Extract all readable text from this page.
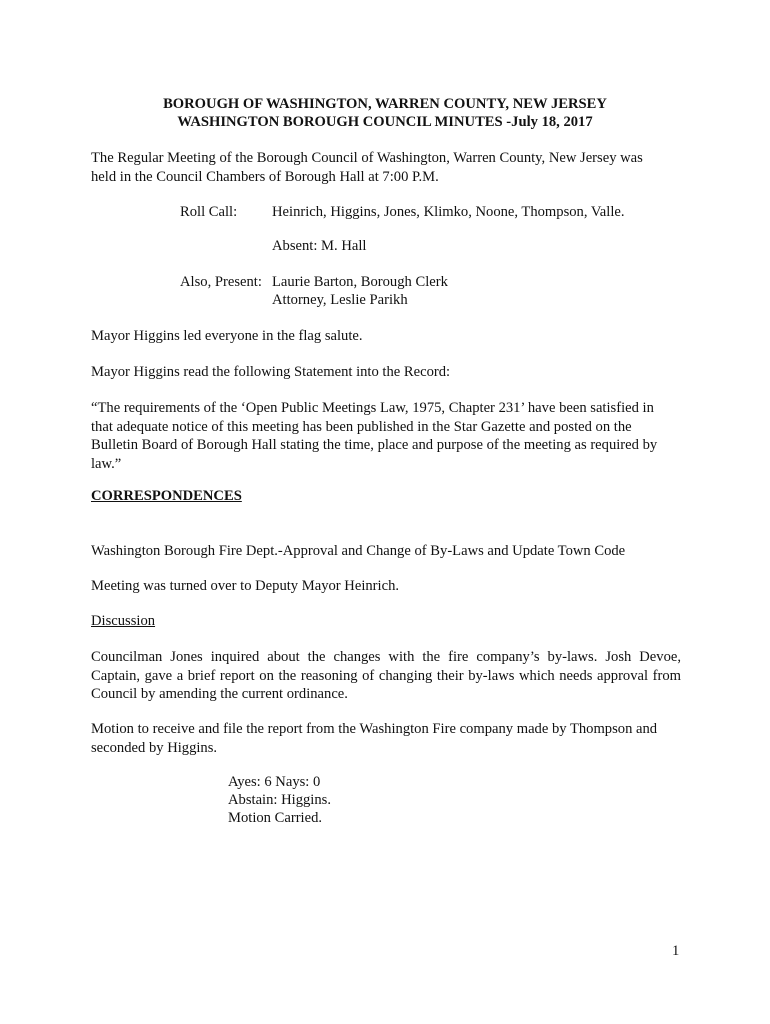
BOROUGH OF WASHINGTON, WARREN COUNTY, NEW JERSEY
WASHINGTON BOROUGH COUNCIL MINUTES -July 18, 2017
The Regular Meeting of the Borough Council of Washington, Warren County, New Jersey was
held in the Council Chambers of Borough Hall at 7:00 P.M.
Roll Call: Heinrich, Higgins, Jones, Klimko, Noone, Thompson, Valle.
Absent: M. Hall
Also, Present: Laurie Barton, Borough Clerk
Attorney, Leslie Parikh
Mayor Higgins led everyone in the flag salute.
Mayor Higgins read the following Statement into the Record:
“The requirements of the ‘Open Public Meetings Law, 1975, Chapter 231’ have been satisfied in
that adequate notice of this meeting has been published in the Star Gazette and posted on the
Bulletin Board of Borough Hall stating the time, place and purpose of the meeting as required by
law.”
CORRESPONDENCES
Washington Borough Fire Dept.-Approval and Change of By-Laws and Update Town Code
Meeting was turned over to Deputy Mayor Heinrich.
Discussion
Councilman Jones inquired about the changes with the fire company’s by-laws. Josh Devoe,
Captain, gave a brief report on the reasoning of changing their by-laws which needs approval from
Council by amending the current ordinance.
Motion to receive and file the report from the Washington Fire company made by Thompson and
seconded by Higgins.
Ayes: 6 Nays: 0
Abstain: Higgins.
Motion Carried.
1
